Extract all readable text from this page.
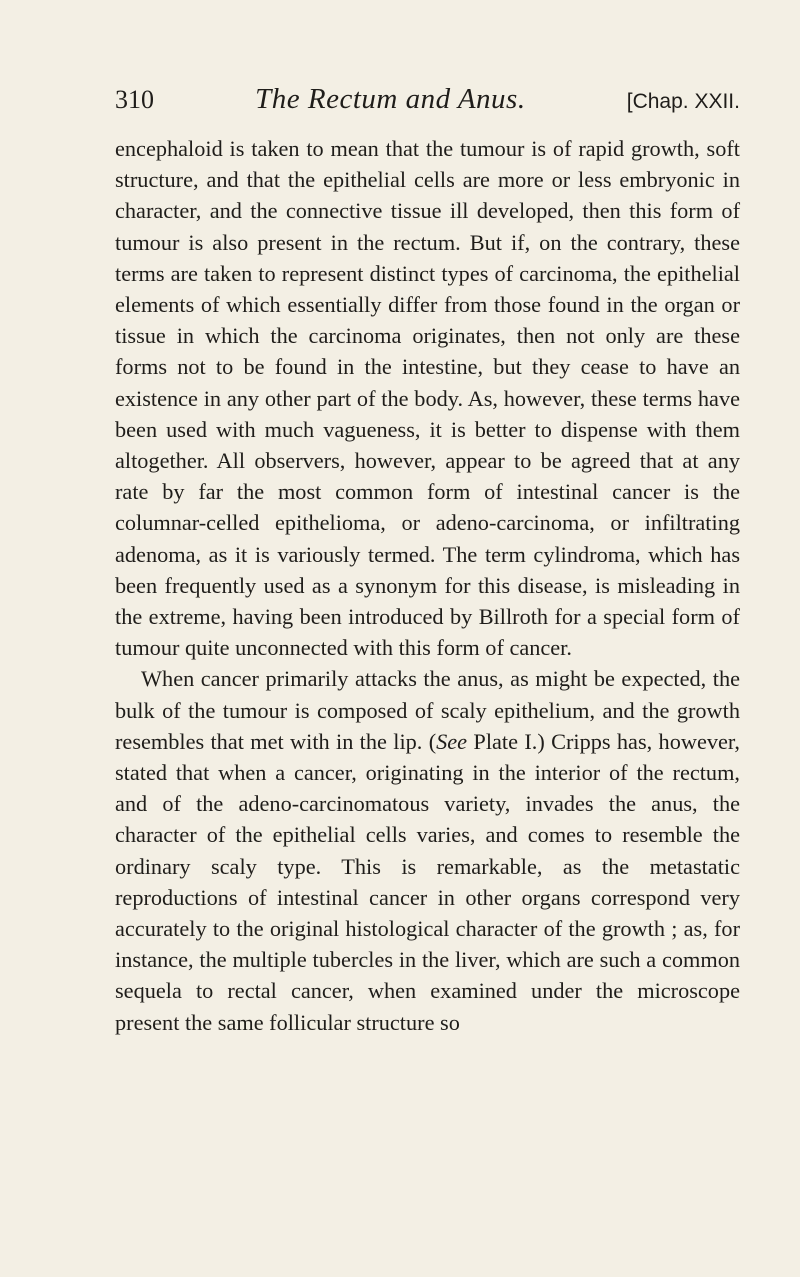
310	The Rectum and Anus.	[Chap. XXII.

encephaloid is taken to mean that the tumour is of rapid growth, soft structure, and that the epithelial cells are more or less embryonic in character, and the connective tissue ill developed, then this form of tumour is also present in the rectum. But if, on the contrary, these terms are taken to represent distinct types of carcinoma, the epithelial elements of which essentially differ from those found in the organ or tissue in which the carcinoma originates, then not only are these forms not to be found in the intestine, but they cease to have an existence in any other part of the body. As, however, these terms have been used with much vagueness, it is better to dispense with them altogether. All observers, however, appear to be agreed that at any rate by far the most common form of intestinal cancer is the columnar-celled epithelioma, or adeno-carcinoma, or infiltrating adenoma, as it is variously termed. The term cylindroma, which has been frequently used as a synonym for this disease, is misleading in the extreme, having been introduced by Billroth for a special form of tumour quite unconnected with this form of cancer.

When cancer primarily attacks the anus, as might be expected, the bulk of the tumour is composed of scaly epithelium, and the growth resembles that met with in the lip. (See Plate I.) Cripps has, however, stated that when a cancer, originating in the interior of the rectum, and of the adeno-carcinomatous variety, invades the anus, the character of the epithelial cells varies, and comes to resemble the ordinary scaly type. This is remarkable, as the metastatic reproductions of intestinal cancer in other organs correspond very accurately to the original histological character of the growth ; as, for instance, the multiple tubercles in the liver, which are such a common sequela to rectal cancer, when examined under the microscope present the same follicular structure so
